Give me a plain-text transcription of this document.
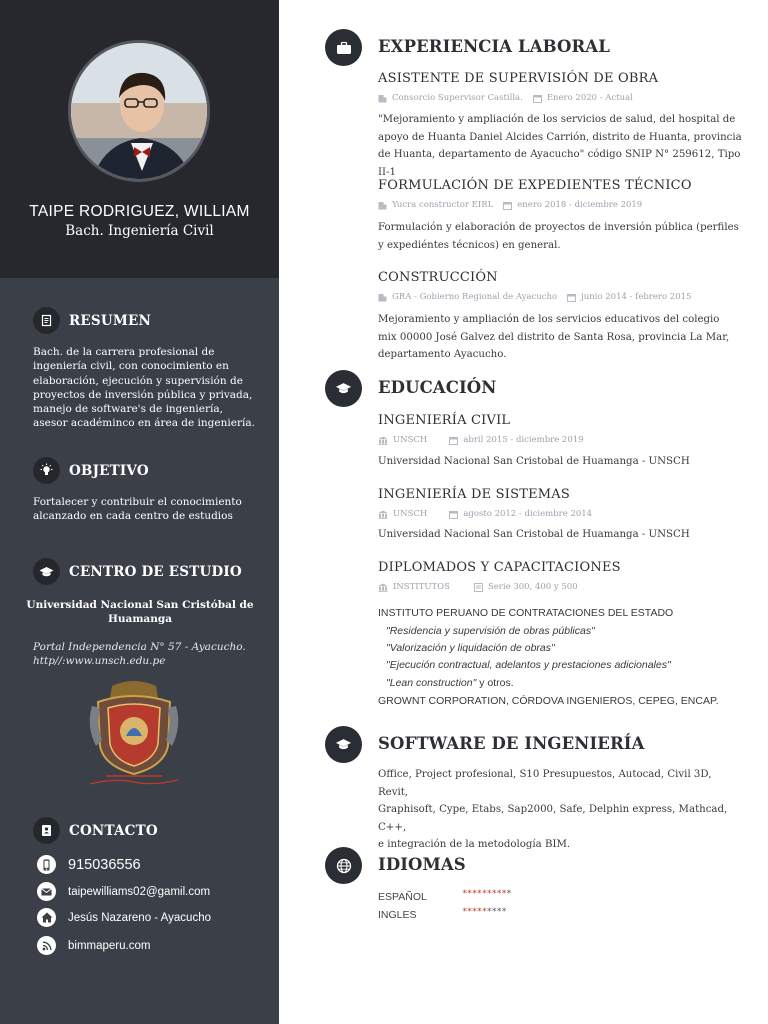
TAIPE RODRIGUEZ, WILLIAM
Bach. Ingeniería Civil
RESUMEN
Bach. de la carrera profesional de
ingeniería civil, con conocimiento en
elaboración, ejecución y supervisión de
proyectos de inversión pública y privada,
manejo de software's de ingeniería,
asesor académinco en área de ingeniería.
OBJETIVO
Fortalecer y contribuir el conocimiento
alcanzado en cada centro de estudios
CENTRO DE ESTUDIO
Universidad Nacional San Cristóbal de
Huamanga
Portal Independencia N° 57 - Ayacucho.
http//:www.unsch.edu.pe
CONTACTO
915036556
taipewilliams02@gamil.com
Jesús Nazareno - Ayacucho
bimmaperu.com
EXPERIENCIA LABORAL
ASISTENTE DE SUPERVISIÓN DE OBRA
Consorcio Supervisor Castilla.	Enero 2020 - Actual
"Mejoramiento y ampliación de los servicios de salud, del hospital de
apoyo de Huanta Daniel Alcides Carrión, distrito de Huanta, provincia
de Huanta, departamento de Ayacucho" código SNIP N° 259612, Tipo II-1
FORMULACIÓN DE EXPEDIENTES TÉCNICO
Yucra constructor EIRL	enero 2018 - diciembre 2019
Formulación y elaboración de proyectos de inversión pública (perfiles
y expediéntes técnicos) en general.
CONSTRUCCIÓN
GRA - Gobierno Regional de Ayacucho	junio 2014 - febrero 2015
Mejoramiento y ampliación de los servicios educativos del colegio
mix 00000 José Galvez del distrito de Santa Rosa, provincia La Mar,
departamento Ayacucho.
EDUCACIÓN
INGENIERÍA CIVIL
UNSCH	abril 2015 - diciembre 2019
Universidad Nacional San Cristobal de Huamanga - UNSCH
INGENIERÍA DE SISTEMAS
UNSCH	agosto 2012 - diciembre 2014
Universidad Nacional San Cristobal de Huamanga - UNSCH
DIPLOMADOS Y CAPACITACIONES
INSTITUTOS	Serie 300, 400 y 500
INSTITUTO PERUANO DE CONTRATACIONES DEL ESTADO
"Residencia y supervisión de obras públicas"
"Valorización y liquidación de obras"
"Ejecución contractual, adelantos y prestaciones adicionales"
"Lean construction" y otros.
GROWNT CORPORATION, CÓRDOVA INGENIEROS, CEPEG, ENCAP.
SOFTWARE DE INGENIERÍA
Office, Project profesional, S10 Presupuestos, Autocad, Civil 3D, Revit,
Graphisoft, Cype, Etabs, Sap2000, Safe, Delphin express, Mathcad, C++,
e integración de la metodología BIM.
IDIOMAS
ESPAÑOL	**********
INGLES	*********
